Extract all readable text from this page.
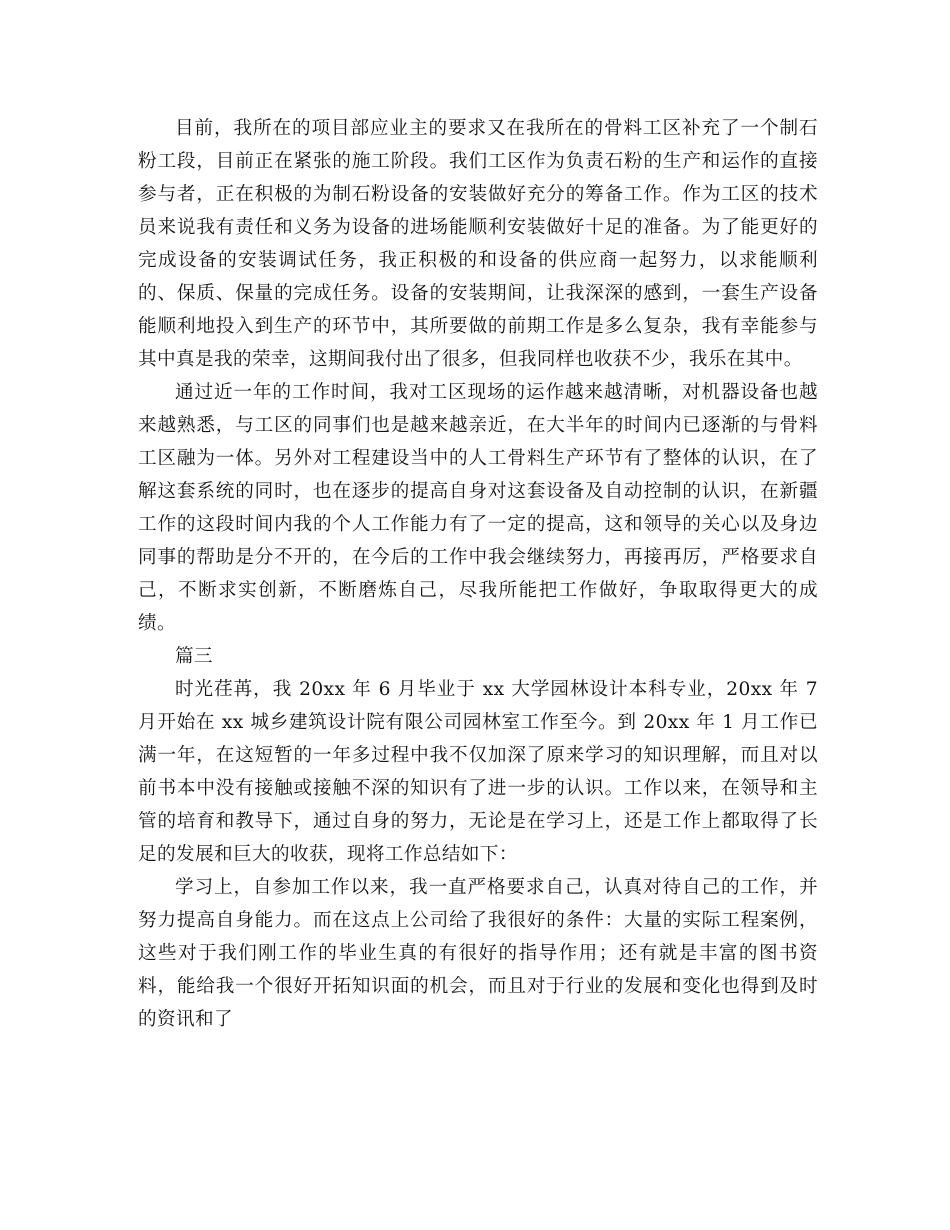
目前，我所在的项目部应业主的要求又在我所在的骨料工区补充了一个制石粉工段，目前正在紧张的施工阶段。我们工区作为负责石粉的生产和运作的直接参与者，正在积极的为制石粉设备的安装做好充分的筹备工作。作为工区的技术员来说我有责任和义务为设备的进场能顺利安装做好十足的准备。为了能更好的完成设备的安装调试任务，我正积极的和设备的供应商一起努力，以求能顺利的、保质、保量的完成任务。设备的安装期间，让我深深的感到，一套生产设备能顺利地投入到生产的环节中，其所要做的前期工作是多么复杂，我有幸能参与其中真是我的荣幸，这期间我付出了很多，但我同样也收获不少，我乐在其中。

通过近一年的工作时间，我对工区现场的运作越来越清晰，对机器设备也越来越熟悉，与工区的同事们也是越来越亲近，在大半年的时间内已逐渐的与骨料工区融为一体。另外对工程建设当中的人工骨料生产环节有了整体的认识，在了解这套系统的同时，也在逐步的提高自身对这套设备及自动控制的认识，在新疆工作的这段时间内我的个人工作能力有了一定的提高，这和领导的关心以及身边同事的帮助是分不开的，在今后的工作中我会继续努力，再接再厉，严格要求自己，不断求实创新，不断磨炼自己，尽我所能把工作做好，争取取得更大的成绩。

篇三

时光荏苒，我 20xx 年 6 月毕业于 xx 大学园林设计本科专业，20xx 年 7 月开始在 xx 城乡建筑设计院有限公司园林室工作至今。到 20xx 年 1 月工作已满一年，在这短暂的一年多过程中我不仅加深了原来学习的知识理解，而且对以前书本中没有接触或接触不深的知识有了进一步的认识。工作以来，在领导和主管的培育和教导下，通过自身的努力，无论是在学习上，还是工作上都取得了长足的发展和巨大的收获，现将工作总结如下：

学习上，自参加工作以来，我一直严格要求自己，认真对待自己的工作，并努力提高自身能力。而在这点上公司给了我很好的条件：大量的实际工程案例，这些对于我们刚工作的毕业生真的有很好的指导作用；还有就是丰富的图书资料，能给我一个很好开拓知识面的机会，而且对于行业的发展和变化也得到及时的资讯和了
